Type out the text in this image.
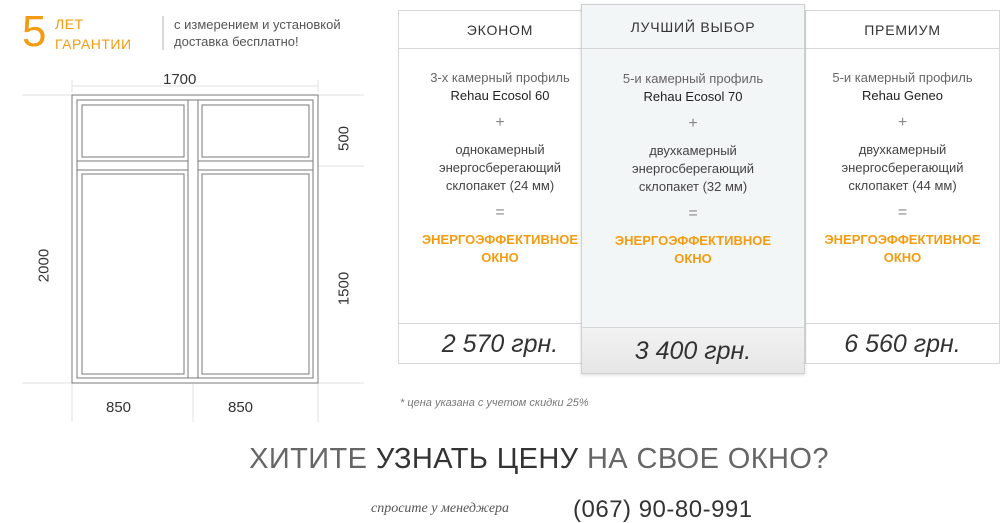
5 ЛЕТ
ГАРАНТИИ
с измерением и установкой
доставка бесплатно!
1700
2000
500
1500
850	850
ЭКОНОМ
3-х камерный профиль
Rehau Ecosol 60
+
однокамерный
энергосберегающий
склопакет (24 мм)
=
ЭНЕРГОЭФФЕКТИВНОЕ
ОКНО
2 570 грн.
ЛУЧШИЙ ВЫБОР
5-и камерный профиль
Rehau Ecosol 70
+
двухкамерный
энергосберегающий
склопакет (32 мм)
=
ЭНЕРГОЭФФЕКТИВНОЕ
ОКНО
3 400 грн.
ПРЕМИУМ
5-и камерный профиль
Rehau Geneo
+
двухкамерный
энергосберегающий
склопакет (44 мм)
=
ЭНЕРГОЭФФЕКТИВНОЕ
ОКНО
6 560 грн.
* цена указана с учетом скидки 25%
ХИТИТЕ УЗНАТЬ ЦЕНУ НА СВОЕ ОКНО?
спросите у менеджера	(067) 90-80-991
